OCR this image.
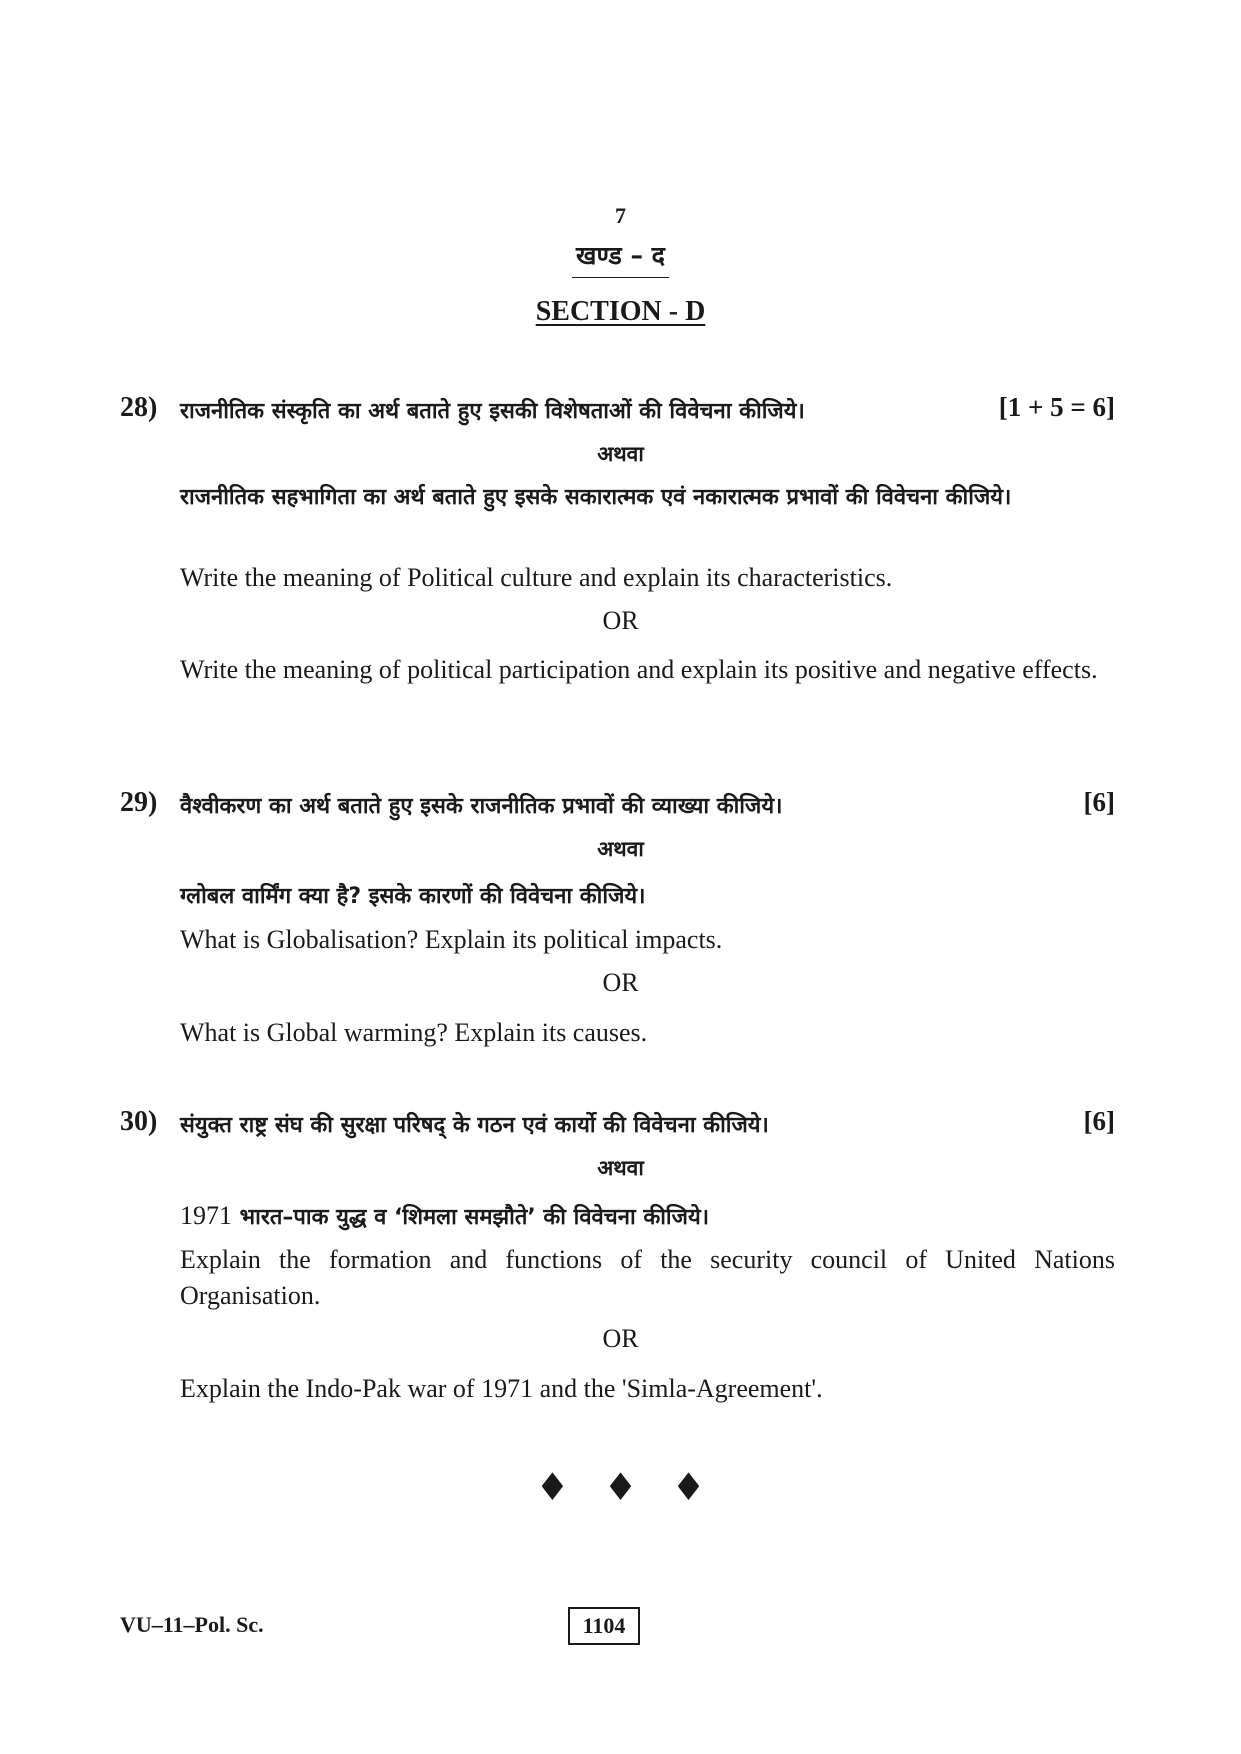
7
खण्ड – द
SECTION - D
28) राजनीतिक संस्कृति का अर्थ बताते हुए इसकी विशेषताओं की विवेचना कीजिये।	[1 + 5 = 6]
अथवा
राजनीतिक सहभागिता का अर्थ बताते हुए इसके सकारात्मक एवं नकारात्मक प्रभावों की विवेचना कीजिये।
Write the meaning of Political culture and explain its characteristics.
OR
Write the meaning of political participation and explain its positive and negative effects.
29) वैश्वीकरण का अर्थ बताते हुए इसके राजनीतिक प्रभावों की व्याख्या कीजिये।	[6]
अथवा
ग्लोबल वार्मिंग क्या है? इसके कारणों की विवेचना कीजिये।
What is Globalisation? Explain its political impacts.
OR
What is Global warming? Explain its causes.
30) संयुक्त राष्ट्र संघ की सुरक्षा परिषद् के गठन एवं कार्यो की विवेचना कीजिये।	[6]
अथवा
1971 भारत–पाक युद्ध व ‘शिमला समझौते’ की विवेचना कीजिये।
Explain the formation and functions of the security council of United Nations Organisation.
OR
Explain the Indo-Pak war of 1971 and the 'Simla-Agreement'.
♦♦♦
VU–11–Pol. Sc.	1104
